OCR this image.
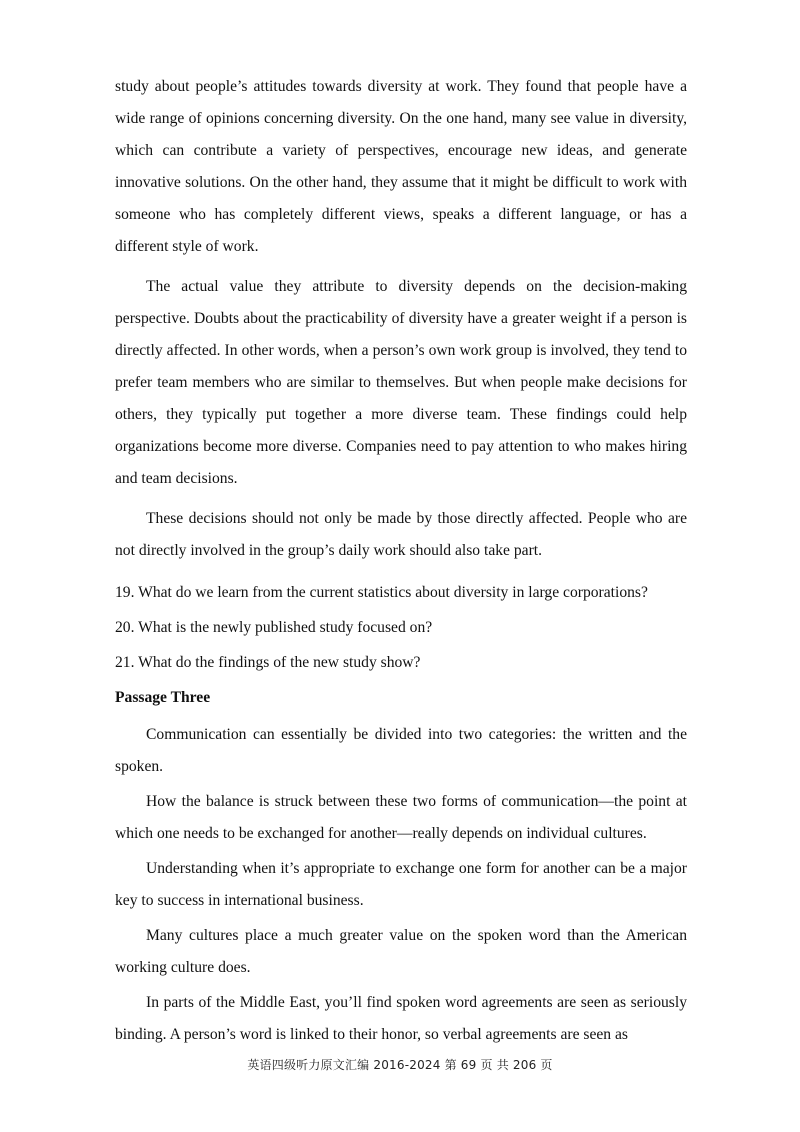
study about people’s attitudes towards diversity at work. They found that people have a wide range of opinions concerning diversity. On the one hand, many see value in diversity, which can contribute a variety of perspectives, encourage new ideas, and generate innovative solutions. On the other hand, they assume that it might be difficult to work with someone who has completely different views, speaks a different language, or has a different style of work.

The actual value they attribute to diversity depends on the decision-making perspective. Doubts about the practicability of diversity have a greater weight if a person is directly affected. In other words, when a person’s own work group is involved, they tend to prefer team members who are similar to themselves. But when people make decisions for others, they typically put together a more diverse team. These findings could help organizations become more diverse. Companies need to pay attention to who makes hiring and team decisions.

These decisions should not only be made by those directly affected. People who are not directly involved in the group’s daily work should also take part.

19. What do we learn from the current statistics about diversity in large corporations?

20. What is the newly published study focused on?

21. What do the findings of the new study show?

Passage Three

Communication can essentially be divided into two categories: the written and the spoken.

How the balance is struck between these two forms of communication—the point at which one needs to be exchanged for another—really depends on individual cultures.

Understanding when it’s appropriate to exchange one form for another can be a major key to success in international business.

Many cultures place a much greater value on the spoken word than the American working culture does.

In parts of the Middle East, you’ll find spoken word agreements are seen as seriously binding. A person’s word is linked to their honor, so verbal agreements are seen as

英语四级听力原文汇编 2016-2024 第 69 页 共 206 页
